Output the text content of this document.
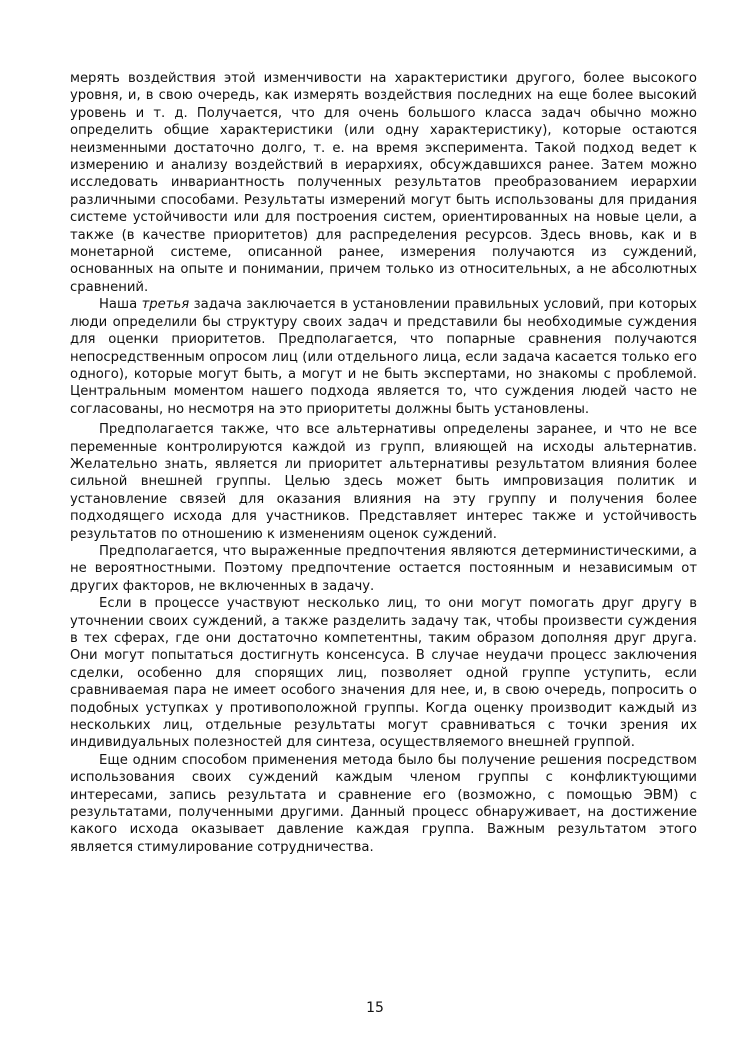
мерять воздействия этой изменчивости на характеристики другого, более высокого уровня, и, в свою очередь, как измерять воздействия последних на еще более высокий уровень и т. д. Получается, что для очень большого класса задач обычно можно определить общие характеристики (или одну характеристику), которые остаются неизменными достаточно долго, т. е. на время эксперимента. Такой подход ведет к измерению и анализу воздействий в иерархиях, обсуждавшихся ранее. Затем можно исследовать инвариантность полученных результатов преобразованием иерархии различными способами. Результаты измерений могут быть использованы для придания системе устойчивости или для построения систем, ориентированных на новые цели, а также (в качестве приоритетов) для распределения ресурсов. Здесь вновь, как и в монетарной системе, описанной ранее, измерения получаются из суждений, основанных на опыте и понимании, причем только из относительных, а не абсолютных сравнений.

Наша третья задача заключается в установлении правильных условий, при которых люди определили бы структуру своих задач и представили бы необходимые суждения для оценки приоритетов. Предполагается, что попарные сравнения получаются непосредственным опросом лиц (или отдельного лица, если задача касается только его одного), которые могут быть, а могут и не быть экспертами, но знакомы с проблемой. Центральным моментом нашего подхода является то, что суждения людей часто не согласованы, но несмотря на это приоритеты должны быть установлены.

Предполагается также, что все альтернативы определены заранее, и что не все переменные контролируются каждой из групп, влияющей на исходы альтернатив. Желательно знать, является ли приоритет альтернативы результатом влияния более сильной внешней группы. Целью здесь может быть импровизация политик и установление связей для оказания влияния на эту группу и получения более подходящего исхода для участников. Представляет интерес также и устойчивость результатов по отношению к изменениям оценок суждений.

Предполагается, что выраженные предпочтения являются детерминистическими, а не вероятностными. Поэтому предпочтение остается постоянным и независимым от других факторов, не включенных в задачу.

Если в процессе участвуют несколько лиц, то они могут помогать друг другу в уточнении своих суждений, а также разделить задачу так, чтобы произвести суждения в тех сферах, где они достаточно компетентны, таким образом дополняя друг друга. Они могут попытаться достигнуть консенсуса. В случае неудачи процесс заключения сделки, особенно для спорящих лиц, позволяет одной группе уступить, если сравниваемая пара не имеет особого значения для нее, и, в свою очередь, попросить о подобных уступках у противоположной группы. Когда оценку производит каждый из нескольких лиц, отдельные результаты могут сравниваться с точки зрения их индивидуальных полезностей для синтеза, осуществляемого внешней группой.

Еще одним способом применения метода было бы получение решения посредством использования своих суждений каждым членом группы с конфликтующими интересами, запись результата и сравнение его (возможно, с помощью ЭВМ) с результатами, полученными другими. Данный процесс обнаруживает, на достижение какого исхода оказывает давление каждая группа. Важным результатом этого является стимулирование сотрудничества.

15
